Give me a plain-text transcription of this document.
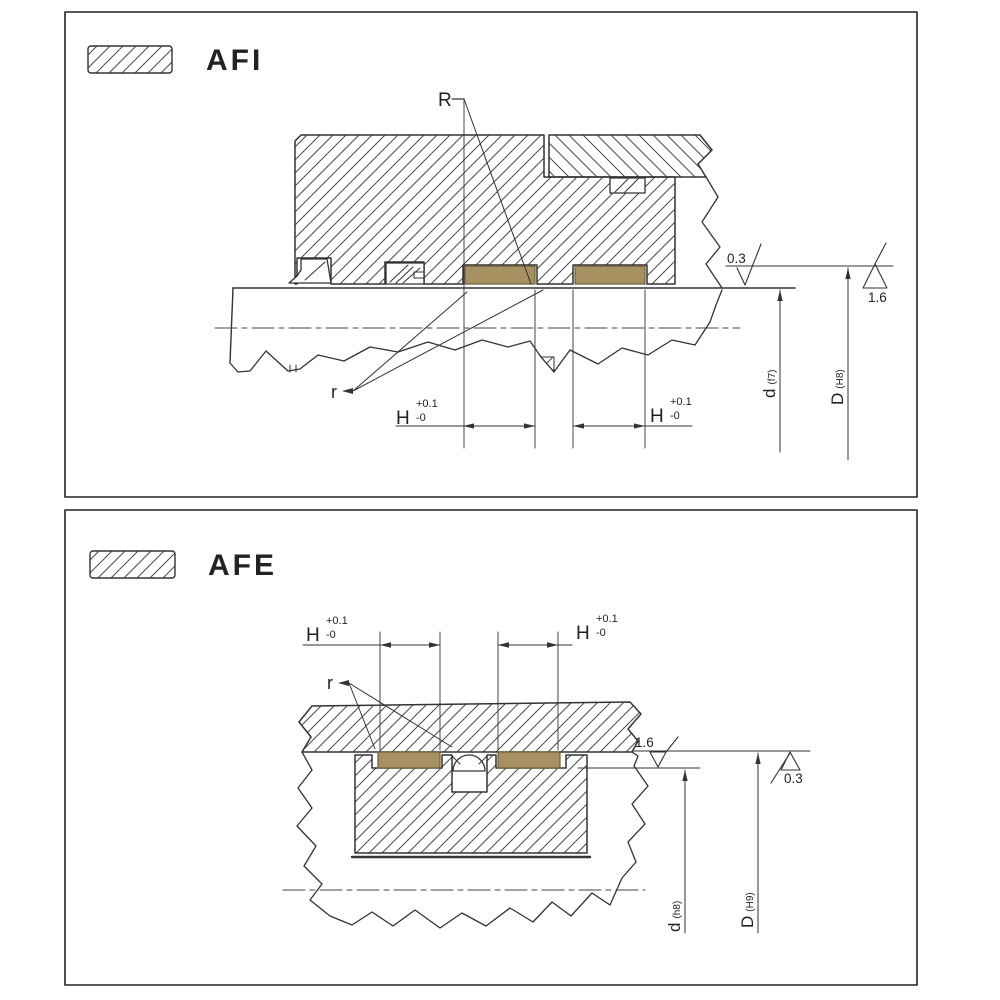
AFI
H
+0.1
-0	H
+0.1
-0
R
r
0.3
1.6
d(f7)
D(H8)
AFE
H
+0.1
-0	H
+0.1
-0
r
1.6
0.3
d(h8)
D(H9)
